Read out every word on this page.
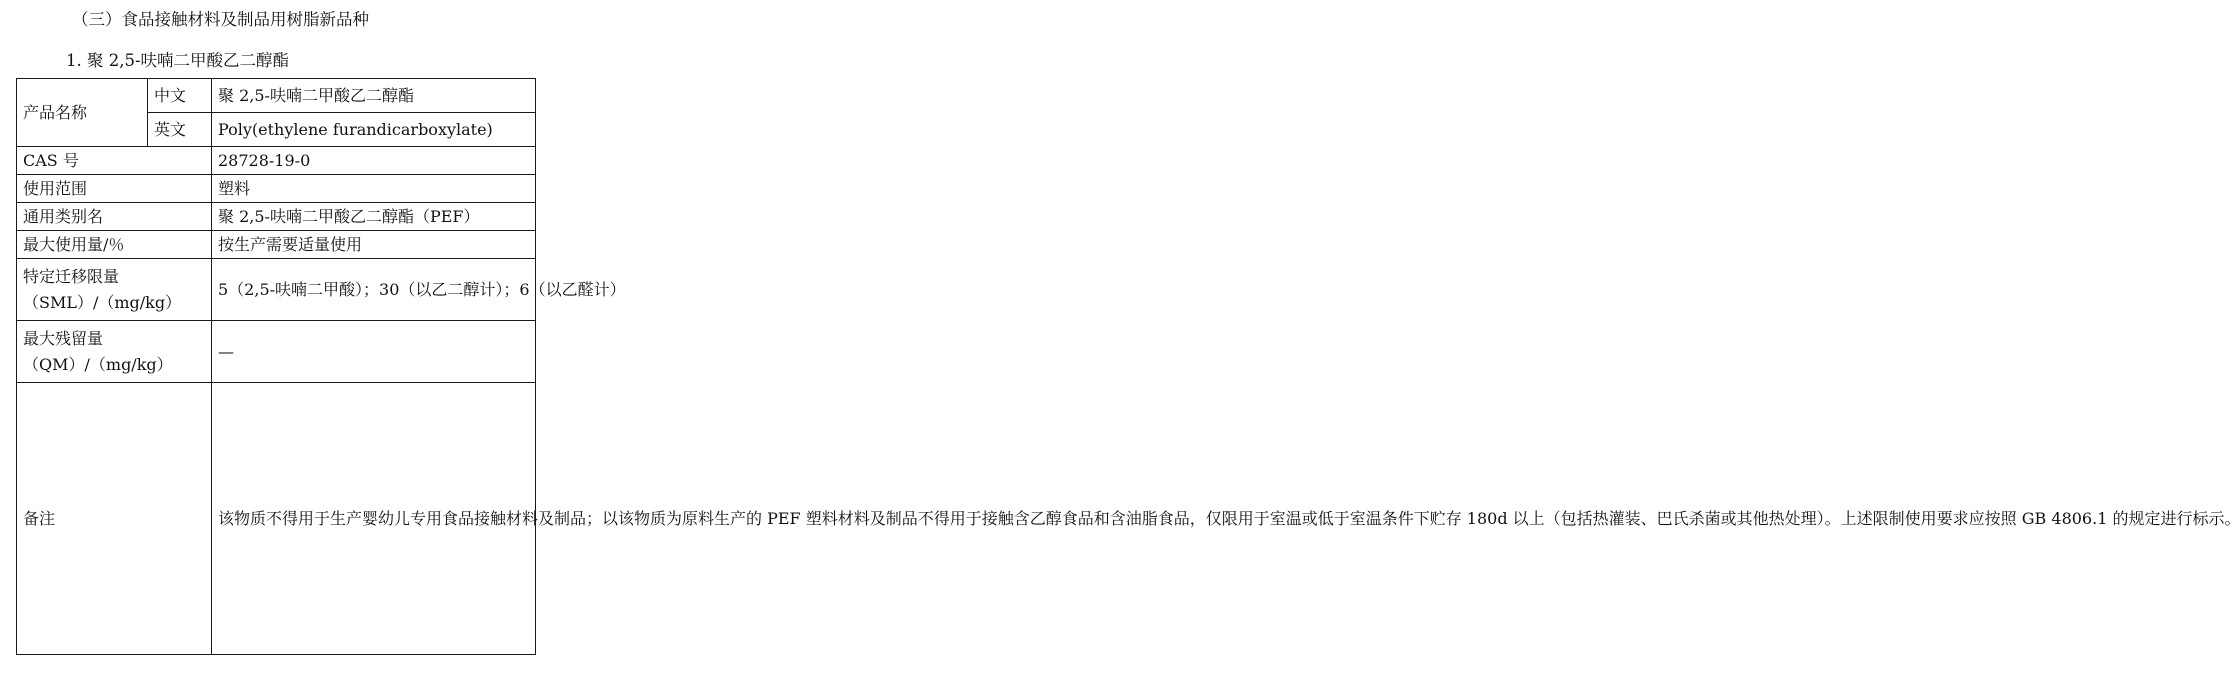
（三）食品接触材料及制品用树脂新品种
1. 聚 2,5-呋喃二甲酸乙二醇酯
产品名称	中文	聚 2,5-呋喃二甲酸乙二醇酯
	英文	Poly(ethylene furandicarboxylate)
CAS 号		28728-19-0
使用范围		塑料
通用类别名		聚 2,5-呋喃二甲酸乙二醇酯（PEF）
最大使用量/％		按生产需要适量使用

特定迁移限量
（SML）/（mg/kg）		5（2,5-呋喃二甲酸）；30（以乙二醇计）；6（以乙醛计）

最大残留量
（QM）/（mg/kg）		—
备注		该物质不得用于生产婴幼儿专用食品接触材料及制品；以该物质为原料生产的 PEF 塑料材料及制品不得用于接触含乙醇食品和含油脂食品，仅限用于室温或低于室温条件下贮存 180d 以上（包括热灌装、巴氏杀菌或其他热处理）。上述限制使用要求应按照 GB 4806.1 的规定进行标示。
